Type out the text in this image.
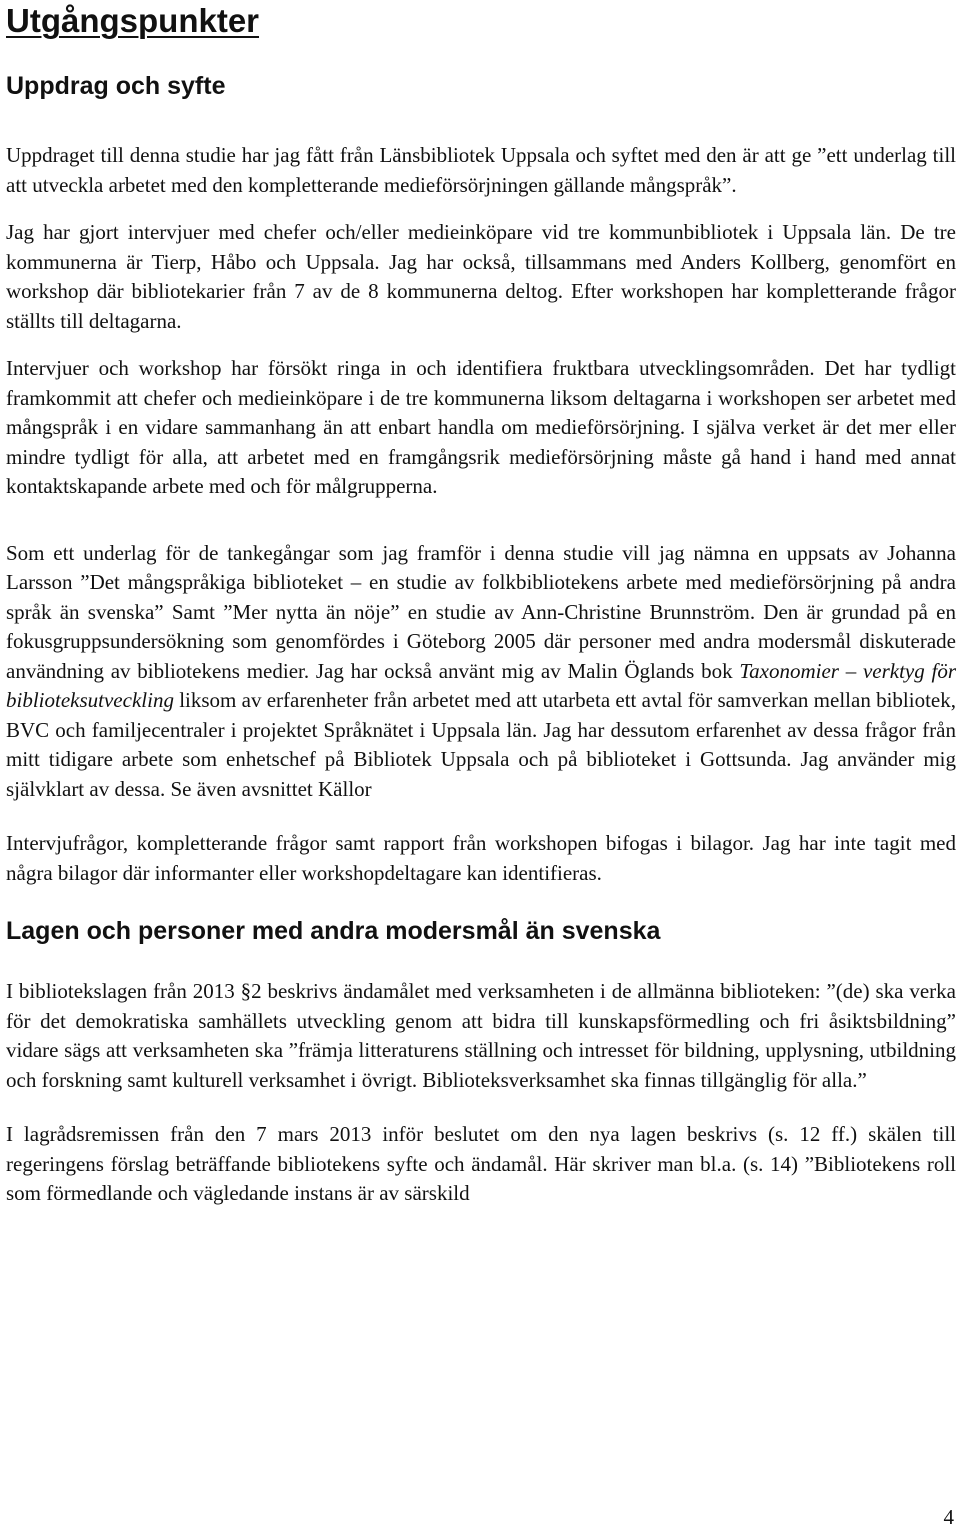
Utgångspunkter
Uppdrag och syfte

Uppdraget till denna studie har jag fått från Länsbibliotek Uppsala och syftet med den är att ge ”ett underlag till att utveckla arbetet med den kompletterande medieförsörjningen gällande mångspråk”.

Jag har gjort intervjuer med chefer och/eller medieinköpare vid tre kommunbibliotek i Uppsala län. De tre kommunerna är Tierp, Håbo och Uppsala. Jag har också, tillsammans med Anders Kollberg, genomfört en workshop där bibliotekarier från 7 av de 8 kommunerna deltog. Efter workshopen har kompletterande frågor ställts till deltagarna.

Intervjuer och workshop har försökt ringa in och identifiera fruktbara utvecklingsområden. Det har tydligt framkommit att chefer och medieinköpare i de tre kommunerna liksom deltagarna i workshopen ser arbetet med mångspråk i en vidare sammanhang än att enbart handla om medieförsörjning. I själva verket är det mer eller mindre tydligt för alla, att arbetet med en framgångsrik medieförsörjning måste gå hand i hand med annat kontaktskapande arbete med och för målgrupperna.

Som ett underlag för de tankegångar som jag framför i denna studie vill jag nämna en uppsats av Johanna Larsson ”Det mångspråkiga biblioteket – en studie av folkbibliotekens arbete med medieförsörjning på andra språk än svenska” Samt ”Mer nytta än nöje” en studie av Ann-Christine Brunnström. Den är grundad på en fokusgruppsundersökning som genomfördes i Göteborg 2005 där personer med andra modersmål diskuterade användning av bibliotekens medier. Jag har också använt mig av Malin Öglands bok Taxonomier – verktyg för biblioteksutveckling liksom av erfarenheter från arbetet med att utarbeta ett avtal för samverkan mellan bibliotek, BVC och familjecentraler i projektet Språknätet i Uppsala län. Jag har dessutom erfarenhet av dessa frågor från mitt tidigare arbete som enhetschef på Bibliotek Uppsala och på biblioteket i Gottsunda. Jag använder mig självklart av dessa. Se även avsnittet Källor

Intervjufrågor, kompletterande frågor samt rapport från workshopen bifogas i bilagor. Jag har inte tagit med några bilagor där informanter eller workshopdeltagare kan identifieras.

Lagen och personer med andra modersmål än svenska

I bibliotekslagen från 2013 §2 beskrivs ändamålet med verksamheten i de allmänna biblioteken: ”(de) ska verka för det demokratiska samhällets utveckling genom att bidra till kunskapsförmedling och fri åsiktsbildning” vidare sägs att verksamheten ska ”främja litteraturens ställning och intresset för bildning, upplysning, utbildning och forskning samt kulturell verksamhet i övrigt. Biblioteksverksamhet ska finnas tillgänglig för alla.”

I lagrådsremissen från den 7 mars 2013 inför beslutet om den nya lagen beskrivs (s. 12 ff.) skälen till regeringens förslag beträffande bibliotekens syfte och ändamål. Här skriver man bl.a. (s. 14) ”Bibliotekens roll som förmedlande och vägledande instans är av särskild

4
